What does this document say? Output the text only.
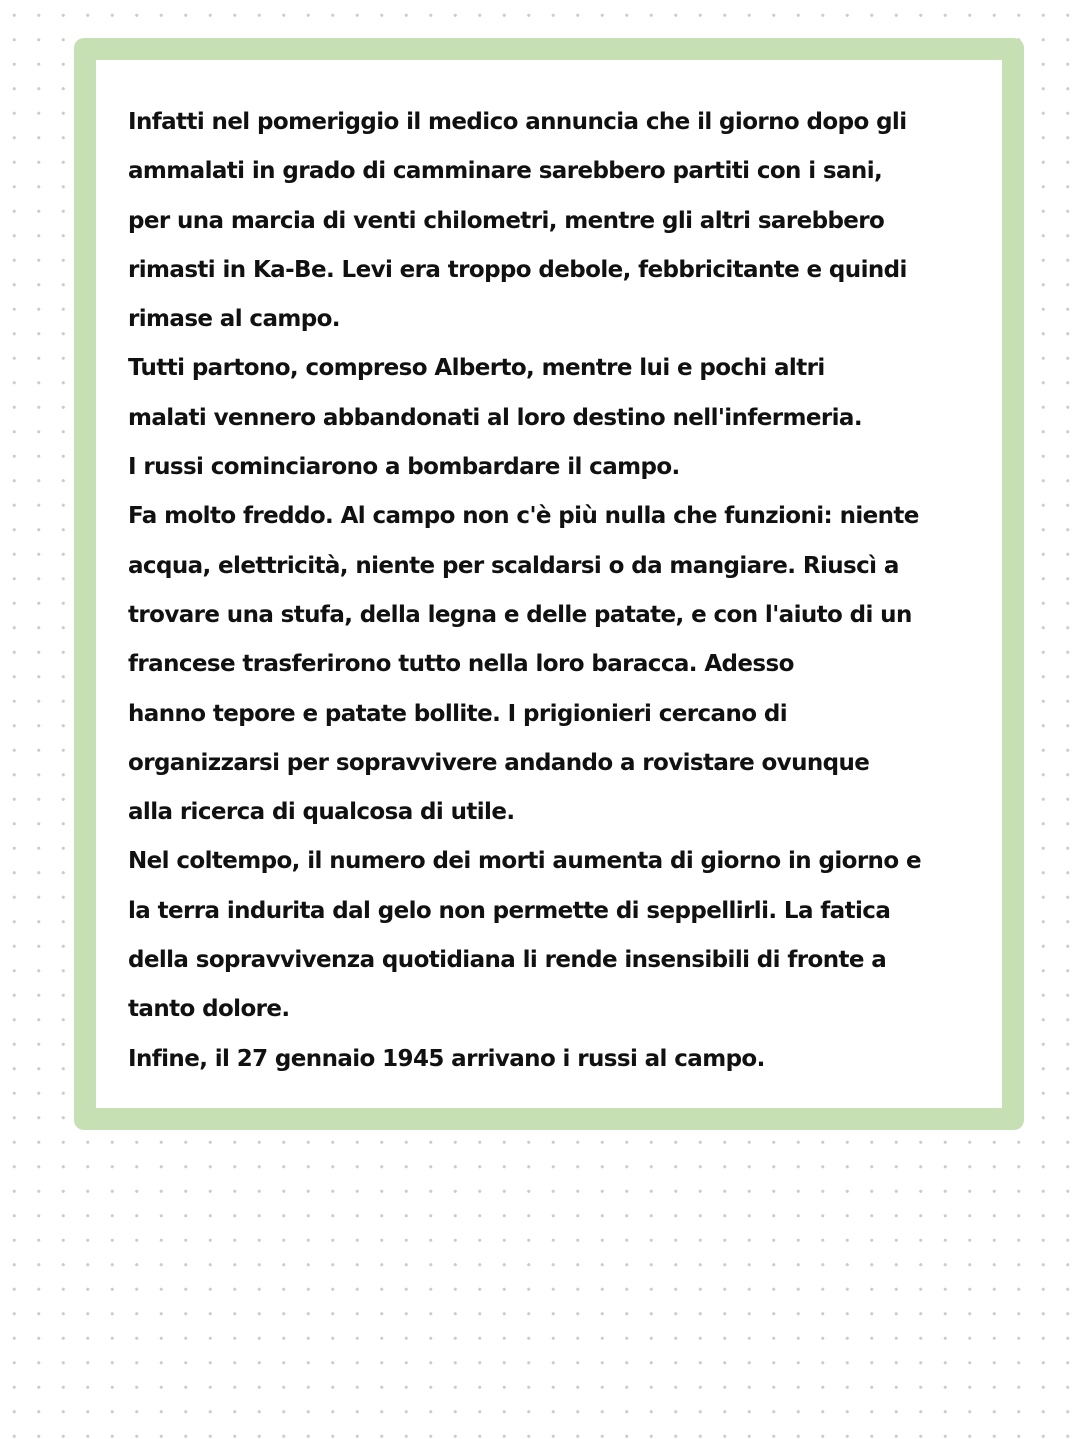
Infatti nel pomeriggio il medico annuncia che il giorno dopo gli
ammalati in grado di camminare sarebbero partiti con i sani,
per una marcia di venti chilometri, mentre gli altri sarebbero
rimasti in Ka-Be. Levi era troppo debole, febbricitante e quindi
rimase al campo.
Tutti partono, compreso Alberto, mentre lui e pochi altri
malati vennero abbandonati al loro destino nell'infermeria.
I russi cominciarono a bombardare il campo.
Fa molto freddo. Al campo non c'è più nulla che funzioni: niente
acqua, elettricità, niente per scaldarsi o da mangiare. Riuscì a
trovare una stufa, della legna e delle patate, e con l'aiuto di un
francese trasferirono tutto nella loro baracca. Adesso
hanno tepore e patate bollite. I prigionieri cercano di
organizzarsi per sopravvivere andando a rovistare ovunque
alla ricerca di qualcosa di utile.
Nel coltempo, il numero dei morti aumenta di giorno in giorno e
la terra indurita dal gelo non permette di seppellirli. La fatica
della sopravvivenza quotidiana li rende insensibili di fronte a
tanto dolore.
Infine, il 27 gennaio 1945 arrivano i russi al campo.
